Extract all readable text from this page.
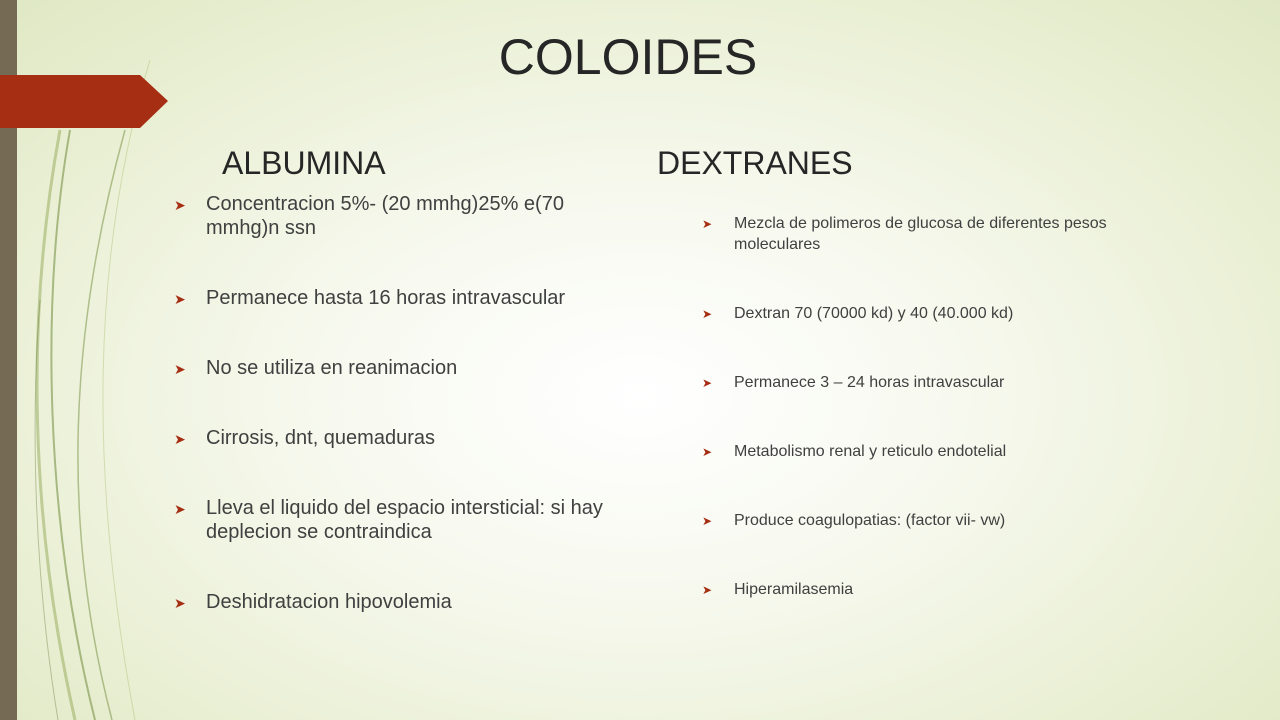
COLOIDES
ALBUMINA	DEXTRANES
➤ Concentracion 5%- (20 mmhg)25% e(70 mmhg)n ssn
➤ Permanece hasta 16 horas intravascular
➤ No se utiliza en reanimacion
➤ Cirrosis, dnt, quemaduras
➤ Lleva el liquido del espacio intersticial: si hay deplecion se contraindica
➤ Deshidratacion hipovolemia
➤ Mezcla de polimeros de glucosa de diferentes pesos moleculares
➤ Dextran 70 (70000 kd) y 40 (40.000 kd)
➤ Permanece 3 – 24 horas intravascular
➤ Metabolismo renal y reticulo endotelial
➤ Produce coagulopatias: (factor vii- vw)
➤ Hiperamilasemia
